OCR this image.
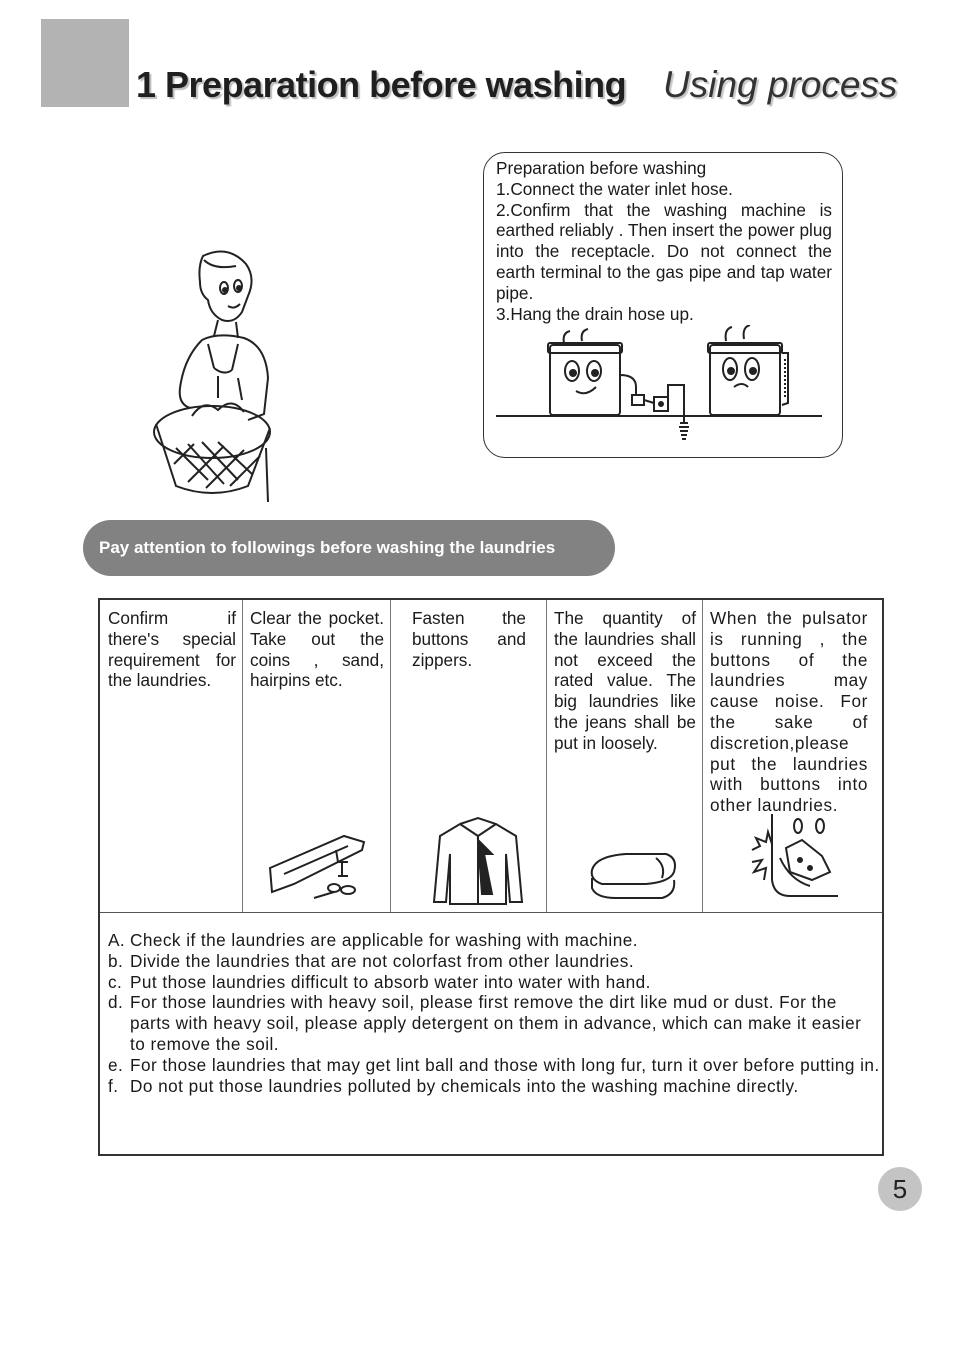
1 Preparation before washing Using process
Preparation before washing
1.Connect the water inlet hose.
2.Confirm that the washing machine is earthed reliably . Then insert the power plug into the receptacle. Do not connect the earth terminal to the gas pipe and tap water pipe.
3.Hang the drain hose up.
Pay attention to followings before washing the laundries
Confirm if there's special requirement for the laundries.
Clear the pocket. Take out the coins , sand, hairpins etc.
Fasten the buttons and zippers.
The quantity of the laundries shall not exceed the rated value. The big laundries like the jeans shall be put in loosely.
When the pulsator is running , the buttons of the laundries may cause noise. For the sake of discretion,please put the laundries with buttons into other laundries.
A. Check if the laundries are applicable for washing with machine.
b. Divide the laundries that are not colorfast from other laundries.
c. Put those laundries difficult to absorb water into water with hand.
d. For those laundries with heavy soil, please first remove the dirt like mud or dust. For the parts with heavy soil, please apply detergent on them in advance, which can make it easier to remove the soil.
e. For those laundries that may get lint ball and those with long fur, turn it over before putting in.
f. Do not put those laundries polluted by chemicals into the washing machine directly.
5
